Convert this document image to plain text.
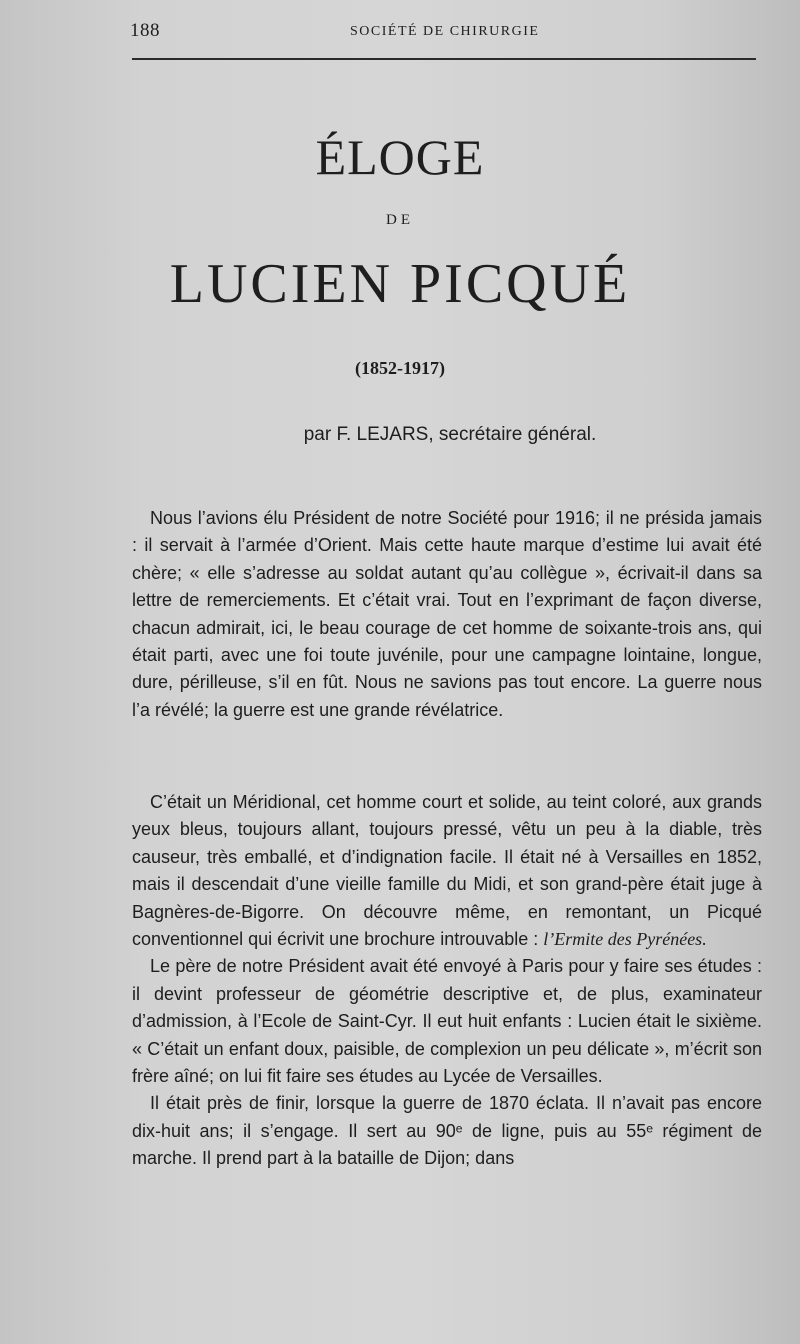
188	SOCIÉTÉ DE CHIRURGIE
ÉLOGE
DE
LUCIEN PICQUÉ
(1852-1917)
par F. LEJARS, secrétaire général.

Nous l’avions élu Président de notre Société pour 1916; il ne présida jamais : il servait à l’armée d’Orient. Mais cette haute marque d’estime lui avait été chère; « elle s’adresse au soldat autant qu’au collègue », écrivait-il dans sa lettre de remerciements. Et c’était vrai. Tout en l’exprimant de façon diverse, chacun admirait, ici, le beau courage de cet homme de soixante-trois ans, qui était parti, avec une foi toute juvénile, pour une campagne lointaine, longue, dure, périlleuse, s’il en fût. Nous ne savions pas tout encore. La guerre nous l’a révélé; la guerre est une grande révélatrice.

C’était un Méridional, cet homme court et solide, au teint coloré, aux grands yeux bleus, toujours allant, toujours pressé, vêtu un peu à la diable, très causeur, très emballé, et d’indignation facile. Il était né à Versailles en 1852, mais il descendait d’une vieille famille du Midi, et son grand-père était juge à Bagnères-de-Bigorre. On découvre même, en remontant, un Picqué conventionnel qui écrivit une brochure introuvable : l’Ermite des Pyrénées.

Le père de notre Président avait été envoyé à Paris pour y faire ses études : il devint professeur de géométrie descriptive et, de plus, examinateur d’admission, à l’Ecole de Saint-Cyr. Il eut huit enfants : Lucien était le sixième. « C’était un enfant doux, paisible, de complexion un peu délicate », m’écrit son frère aîné; on lui fit faire ses études au Lycée de Versailles.

Il était près de finir, lorsque la guerre de 1870 éclata. Il n’avait pas encore dix-huit ans; il s’engage. Il sert au 90ᵉ de ligne, puis au 55ᵉ régiment de marche. Il prend part à la bataille de Dijon; dans
